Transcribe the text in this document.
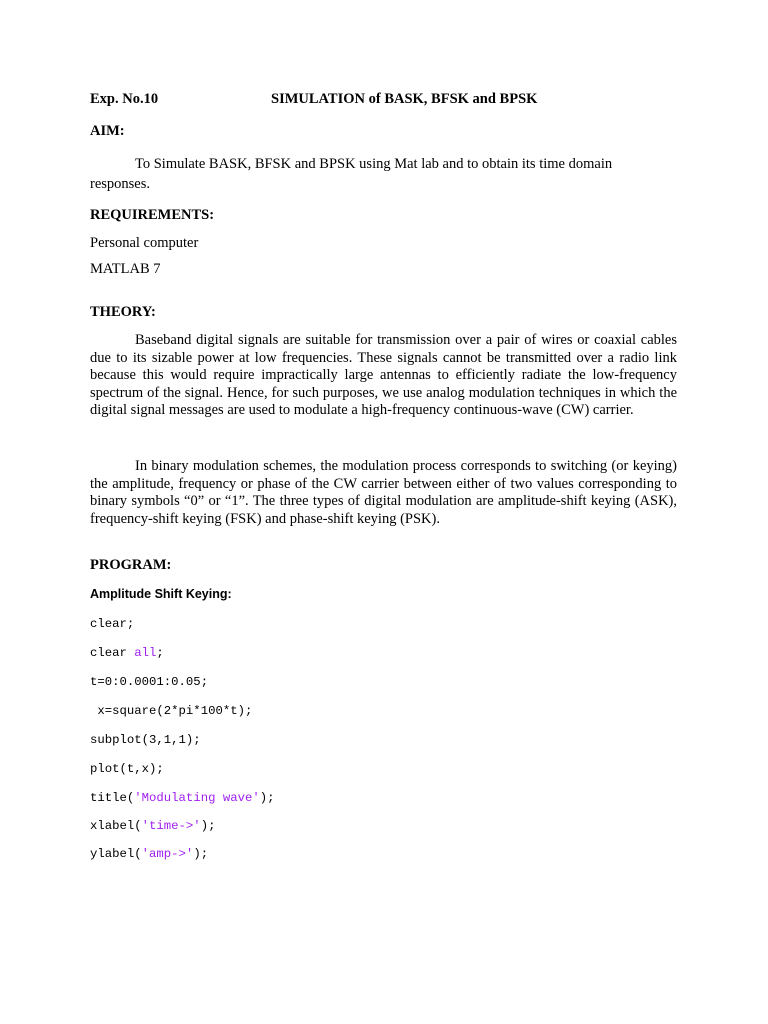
Exp. No.10	SIMULATION of BASK, BFSK and BPSK
AIM:
To Simulate BASK, BFSK and BPSK using Mat lab and to obtain its time domain
responses.
REQUIREMENTS:
Personal computer
MATLAB 7
THEORY:
Baseband digital signals are suitable for transmission over a pair of wires or coaxial cables due to its sizable power at low frequencies. These signals cannot be transmitted over a radio link because this would require impractically large antennas to efficiently radiate the low-frequency spectrum of the signal. Hence, for such purposes, we use analog modulation techniques in which the digital signal messages are used to modulate a high-frequency continuous-wave (CW) carrier.
In binary modulation schemes, the modulation process corresponds to switching (or keying) the amplitude, frequency or phase of the CW carrier between either of two values corresponding to binary symbols “0” or “1”. The three types of digital modulation are amplitude-shift keying (ASK), frequency-shift keying (FSK) and phase-shift keying (PSK).
PROGRAM:
Amplitude Shift Keying:
clear;
clear all;
t=0:0.0001:0.05;
x=square(2*pi*100*t);
subplot(3,1,1);
plot(t,x);
title('Modulating wave');
xlabel('time->');
ylabel('amp->');
